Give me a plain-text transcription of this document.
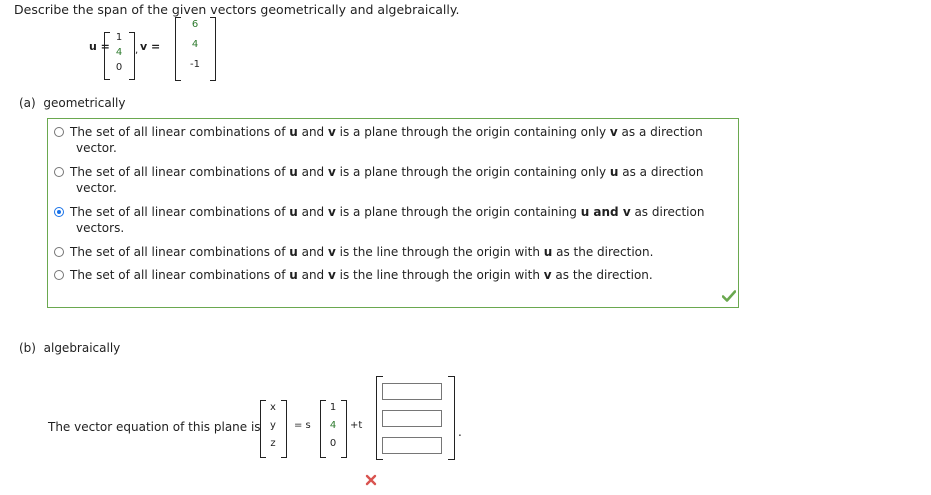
Describe the span of the given vectors geometrically and algebraically.
u =
1
4
0
, v =
6
4
-1
(a) geometrically
The set of all linear combinations of u and v is a plane through the origin containing only v as a direction
vector.
The set of all linear combinations of u and v is a plane through the origin containing only u as a direction
vector.
The set of all linear combinations of u and v is a plane through the origin containing u and v as direction
vectors.
The set of all linear combinations of u and v is the line through the origin with u as the direction.
The set of all linear combinations of u and v is the line through the origin with v as the direction.
(b) algebraically
The vector equation of this plane is
x
y
z
= s
1
4
0
+t	.
